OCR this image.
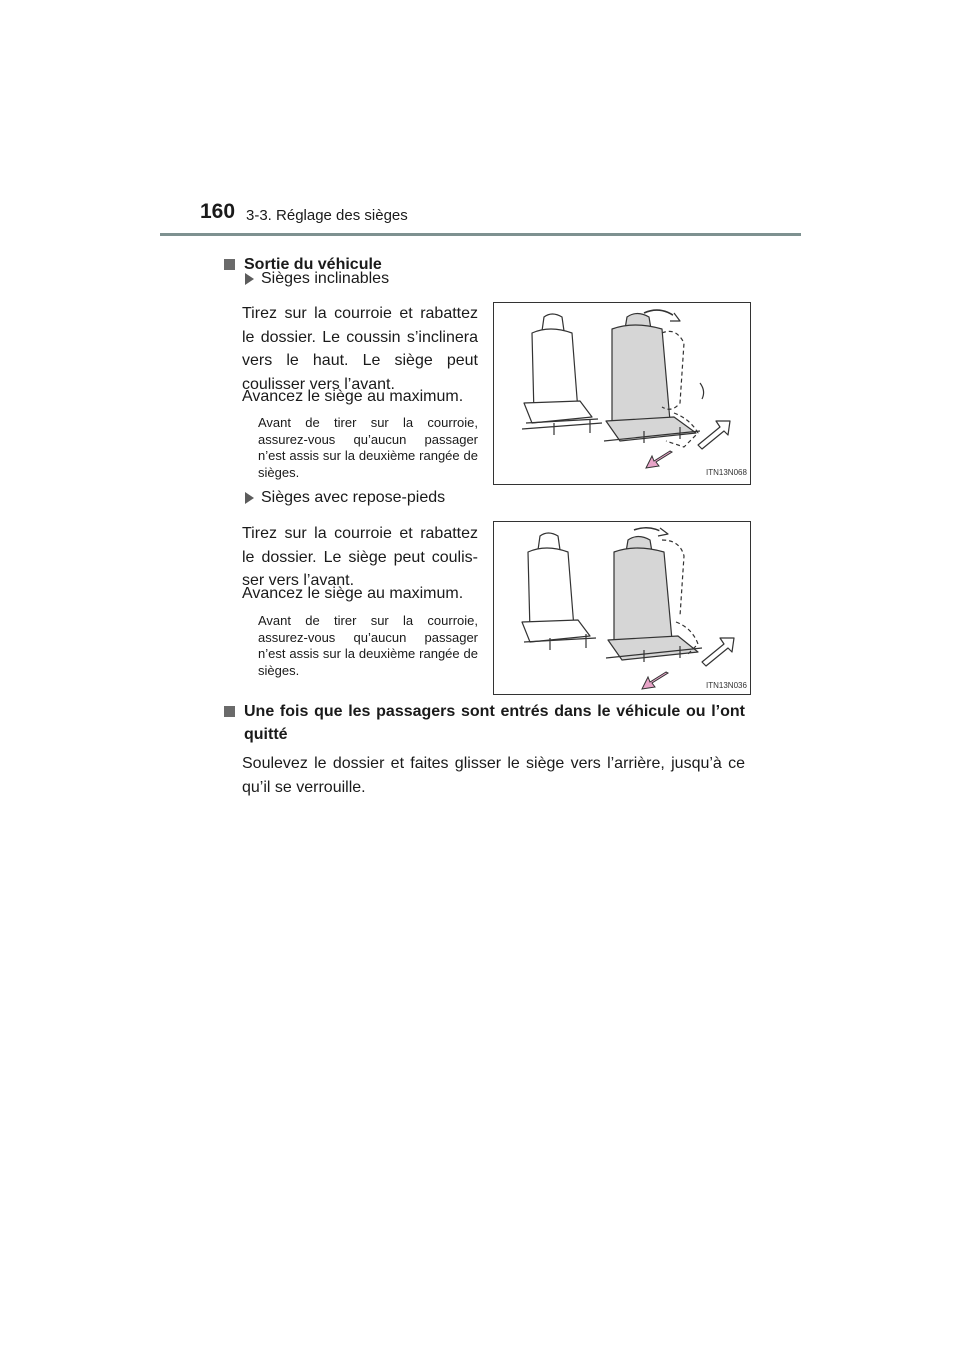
160 3-3. Réglage des sièges
Sortie du véhicule
Sièges inclinables
Tirez sur la courroie et rabattez le dossier. Le coussin s’inclinera vers le haut. Le siège peut coulisser vers l’avant.
Avancez le siège au maximum.
Avant de tirer sur la courroie, assurez-vous qu’aucun passager n’est assis sur la deuxième rangée de sièges.	ITN13N068
Sièges avec repose-pieds
Tirez sur la courroie et rabattez le dossier. Le siège peut coulisser vers l’avant.
Avancez le siège au maximum.
Avant de tirer sur la courroie, assurez-vous qu’aucun passager n’est assis sur la deuxième rangée de sièges.
ITN13N036
Une fois que les passagers sont entrés dans le véhicule ou l’ont quitté
Soulevez le dossier et faites glisser le siège vers l’arrière, jusqu’à ce qu’il se verrouille.
